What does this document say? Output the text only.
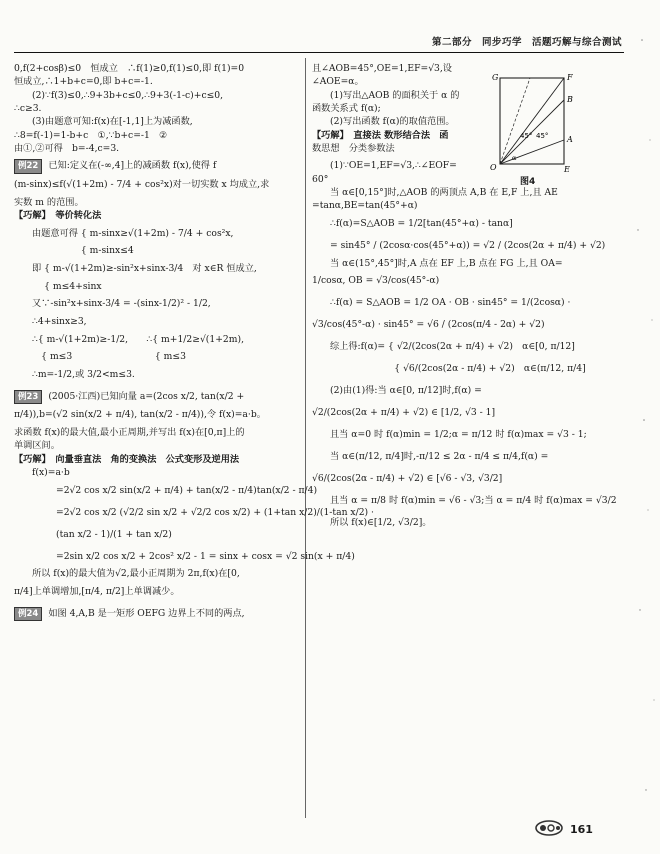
第二部分　同步巧学　活题巧解与综合测试
0,f(2+cosβ)≤0　恒成立　∴f(1)≥0,f(1)≤0,即 f(1)=0
恒成立,∴1+b+c=0,即 b+c=-1.
(2)∵f(3)≤0,∴9+3b+c≤0,∴9+3(-1-c)+c≤0,
∴c≥3.
(3)由题意可知:f(x)在[-1,1]上为减函数,
∴8=f(-1)=1-b+c　①,∵b+c=-1　②
由①,②可得　b=-4,c=3.
例22 已知:定义在(-∞,4]上的减函数 f(x),使得 f
(m-sinx)≤f(√(1+2m) - 7/4 + cos²x)对一切实数 x 均成立,求
实数 m 的范围。
【巧解】　等价转化法
由题意可得 { m-sinx≥√(1+2m) - 7/4 + cos²x,
　　　　　 { m-sinx≤4
即 { m-√(1+2m)≥-sin²x+sinx-3/4　对 x∈R 恒成立,
　 { m≤4+sinx
又∵-sin²x+sinx-3/4 = -(sinx-1/2)² - 1/2,
∴4+sinx≥3,
∴{ m-√(1+2m)≥-1/2,　　∴{ m+1/2≥√(1+2m),
　{ m≤3　　　　　　　　　{ m≤3
∴m=-1/2,或 3/2<m≤3.
例23 (2005·江西)已知向量 a=(2cos x/2, tan(x/2 +
π/4)),b=(√2 sin(x/2 + π/4), tan(x/2 - π/4)),令 f(x)=a·b。
求函数 f(x)的最大值,最小正周期,并写出 f(x)在[0,π]上的
单调区间。
【巧解】　向量垂直法　角的变换法　公式变形及逆用法
f(x)=a·b
=2√2 cos x/2 sin(x/2 + π/4) + tan(x/2 - π/4)tan(x/2 - π/4)
=2√2 cos x/2 (√2/2 sin x/2 + √2/2 cos x/2) + (1+tan x/2)/(1-tan x/2) ·
(tan x/2 - 1)/(1 + tan x/2)
=2sin x/2 cos x/2 + 2cos² x/2 - 1 = sinx + cosx = √2 sin(x + π/4)
所以 f(x)的最大值为√2,最小正周期为 2π,f(x)在[0,
π/4]上单调增加,[π/4, π/2]上单调减少。
例24 如图 4,A,B 是一矩形 OEFG 边界上不同的两点,
且∠AOB=45°,OE=1,EF=√3,设
∠AOE=α。
(1)写出△AOB 的面积关于 α 的
函数关系式 f(α);
(2)写出函数 f(α)的取值范围。
【巧解】　直接法 数形结合法　函
数思想　分类参数法
(1)∵OE=1,EF=√3,∴∠EOF=
60°
当 α∈[0,15°]时,△AOB 的两顶点 A,B 在 E,F 上,且 AE
=tanα,BE=tan(45°+α)
∴f(α)=S△AOB = 1/2[tan(45°+α) - tanα]
= sin45° / (2cosα·cos(45°+α)) = √2 / (2cos(2α + π/4) + √2)
当 α∈(15°,45°]时,A 点在 EF 上,B 点在 FG 上,且 OA=
1/cosα, OB = √3/cos(45°-α)
∴f(α) = S△AOB = 1/2 OA · OB · sin45° = 1/(2cosα) ·
√3/cos(45°-α) · sin45° = √6 / (2cos(π/4 - 2α) + √2)
综上得:f(α)= { √2/(2cos(2α + π/4) + √2)　α∈[0, π/12]
　　　　　　　{ √6/(2cos(2α - π/4) + √2)　α∈(π/12, π/4]
(2)由(1)得:当 α∈[0, π/12]时,f(α) =
√2/(2cos(2α + π/4) + √2) ∈ [1/2, √3 - 1]
且当 α=0 时 f(α)min = 1/2;α = π/12 时 f(α)max = √3 - 1;
当 α∈(π/12, π/4]时,-π/12 ≤ 2α - π/4 ≤ π/4,f(α) =
√6/(2cos(2α - π/4) + √2) ∈ [√6 - √3, √3/2]
且当 α = π/8 时 f(α)min = √6 - √3;当 α = π/4 时 f(α)max = √3/2
所以 f(x)∈[1/2, √3/2]。
45° 45°
α
G	F
B
A
O	E
图4
161
